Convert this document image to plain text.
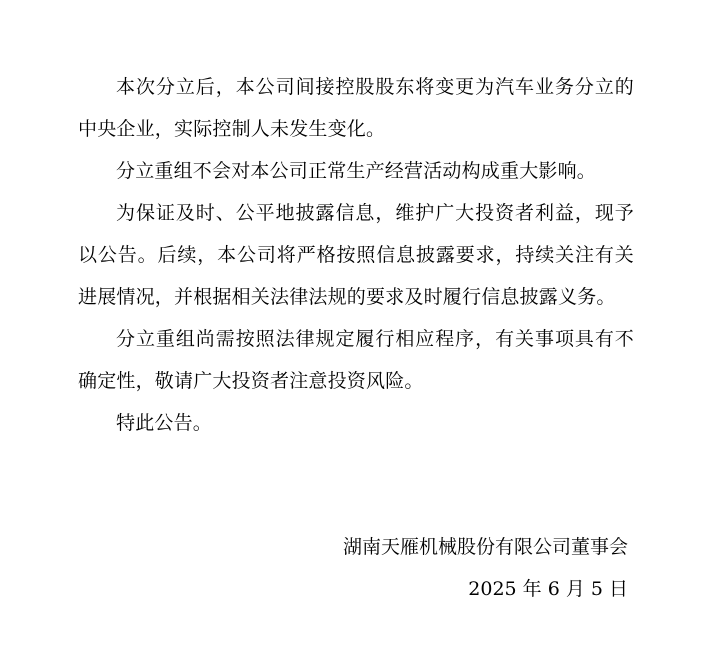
本次分立后，本公司间接控股股东将变更为汽车业务分立的中央企业，实际控制人未发生变化。

分立重组不会对本公司正常生产经营活动构成重大影响。

为保证及时、公平地披露信息，维护广大投资者利益，现予以公告。后续，本公司将严格按照信息披露要求，持续关注有关进展情况，并根据相关法律法规的要求及时履行信息披露义务。

分立重组尚需按照法律规定履行相应程序，有关事项具有不确定性，敬请广大投资者注意投资风险。

特此公告。

湖南天雁机械股份有限公司董事会
2025 年 6 月 5 日
